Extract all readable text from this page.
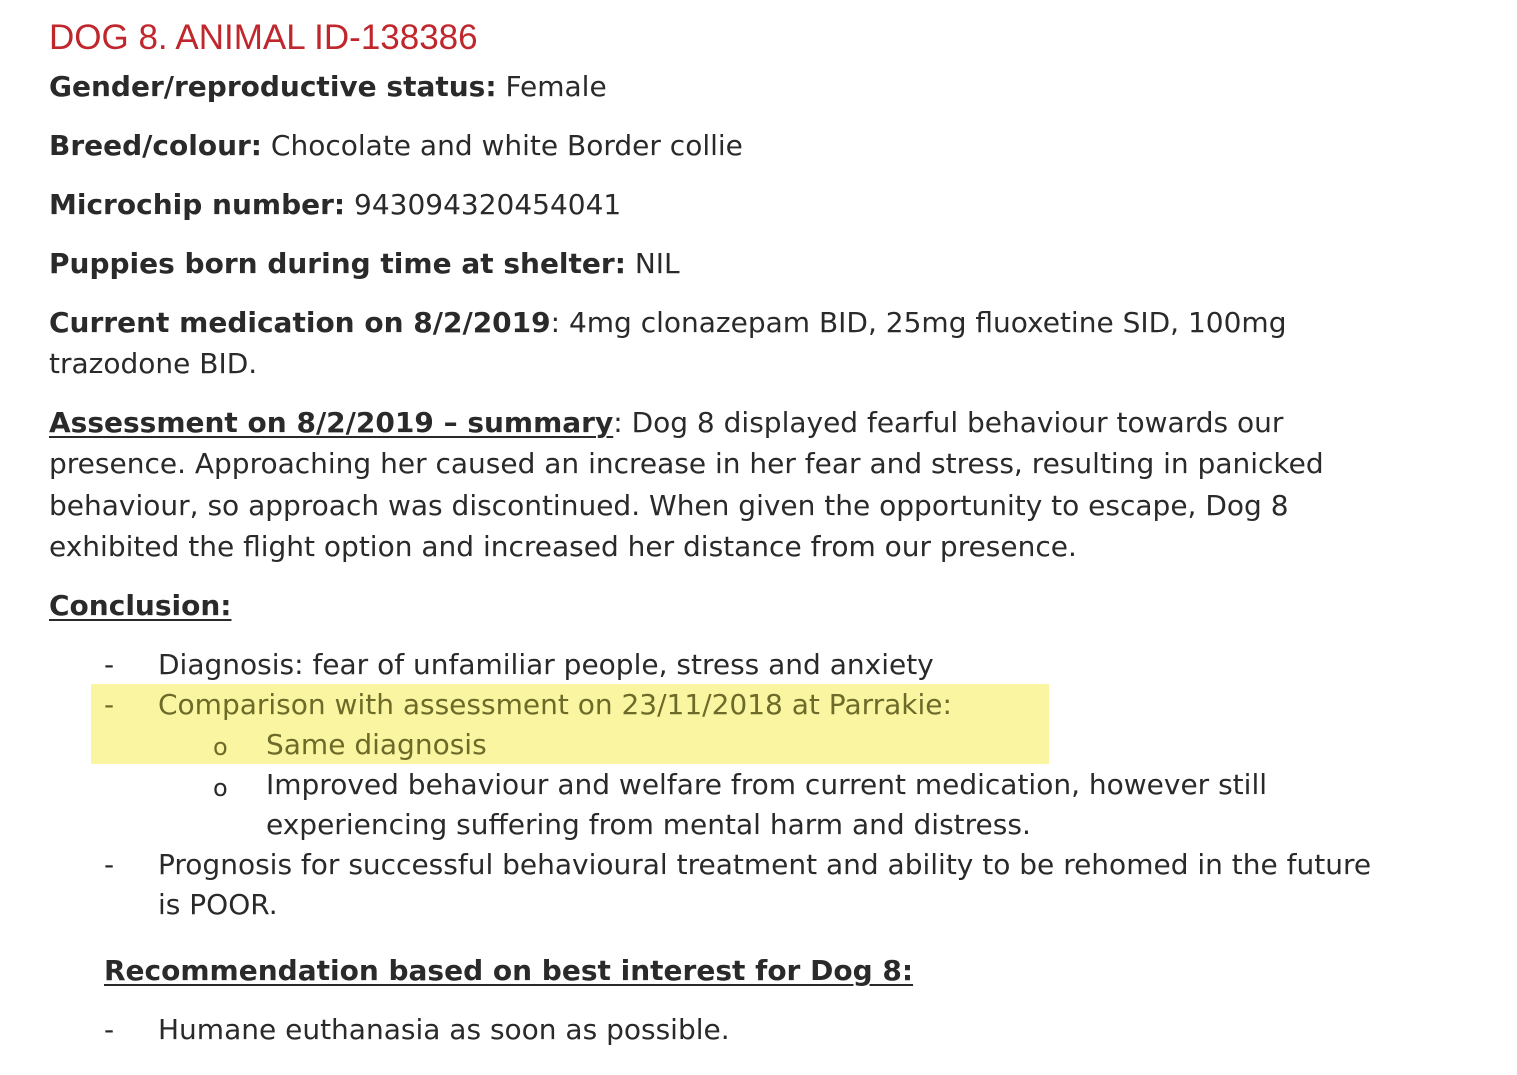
DOG 8. ANIMAL ID-138386
Gender/reproductive status: Female
Breed/colour: Chocolate and white Border collie
Microchip number: 943094320454041
Puppies born during time at shelter: NIL
Current medication on 8/2/2019: 4mg clonazepam BID, 25mg fluoxetine SID, 100mg
trazodone BID.
Assessment on 8/2/2019 – summary: Dog 8 displayed fearful behaviour towards our
presence. Approaching her caused an increase in her fear and stress, resulting in panicked
behaviour, so approach was discontinued. When given the opportunity to escape, Dog 8
exhibited the flight option and increased her distance from our presence.
Conclusion:
- Diagnosis: fear of unfamiliar people, stress and anxiety
- Comparison with assessment on 23/11/2018 at Parrakie:
o Same diagnosis
o Improved behaviour and welfare from current medication, however still
experiencing suffering from mental harm and distress.
- Prognosis for successful behavioural treatment and ability to be rehomed in the future
is POOR.
Recommendation based on best interest for Dog 8:
- Humane euthanasia as soon as possible.
